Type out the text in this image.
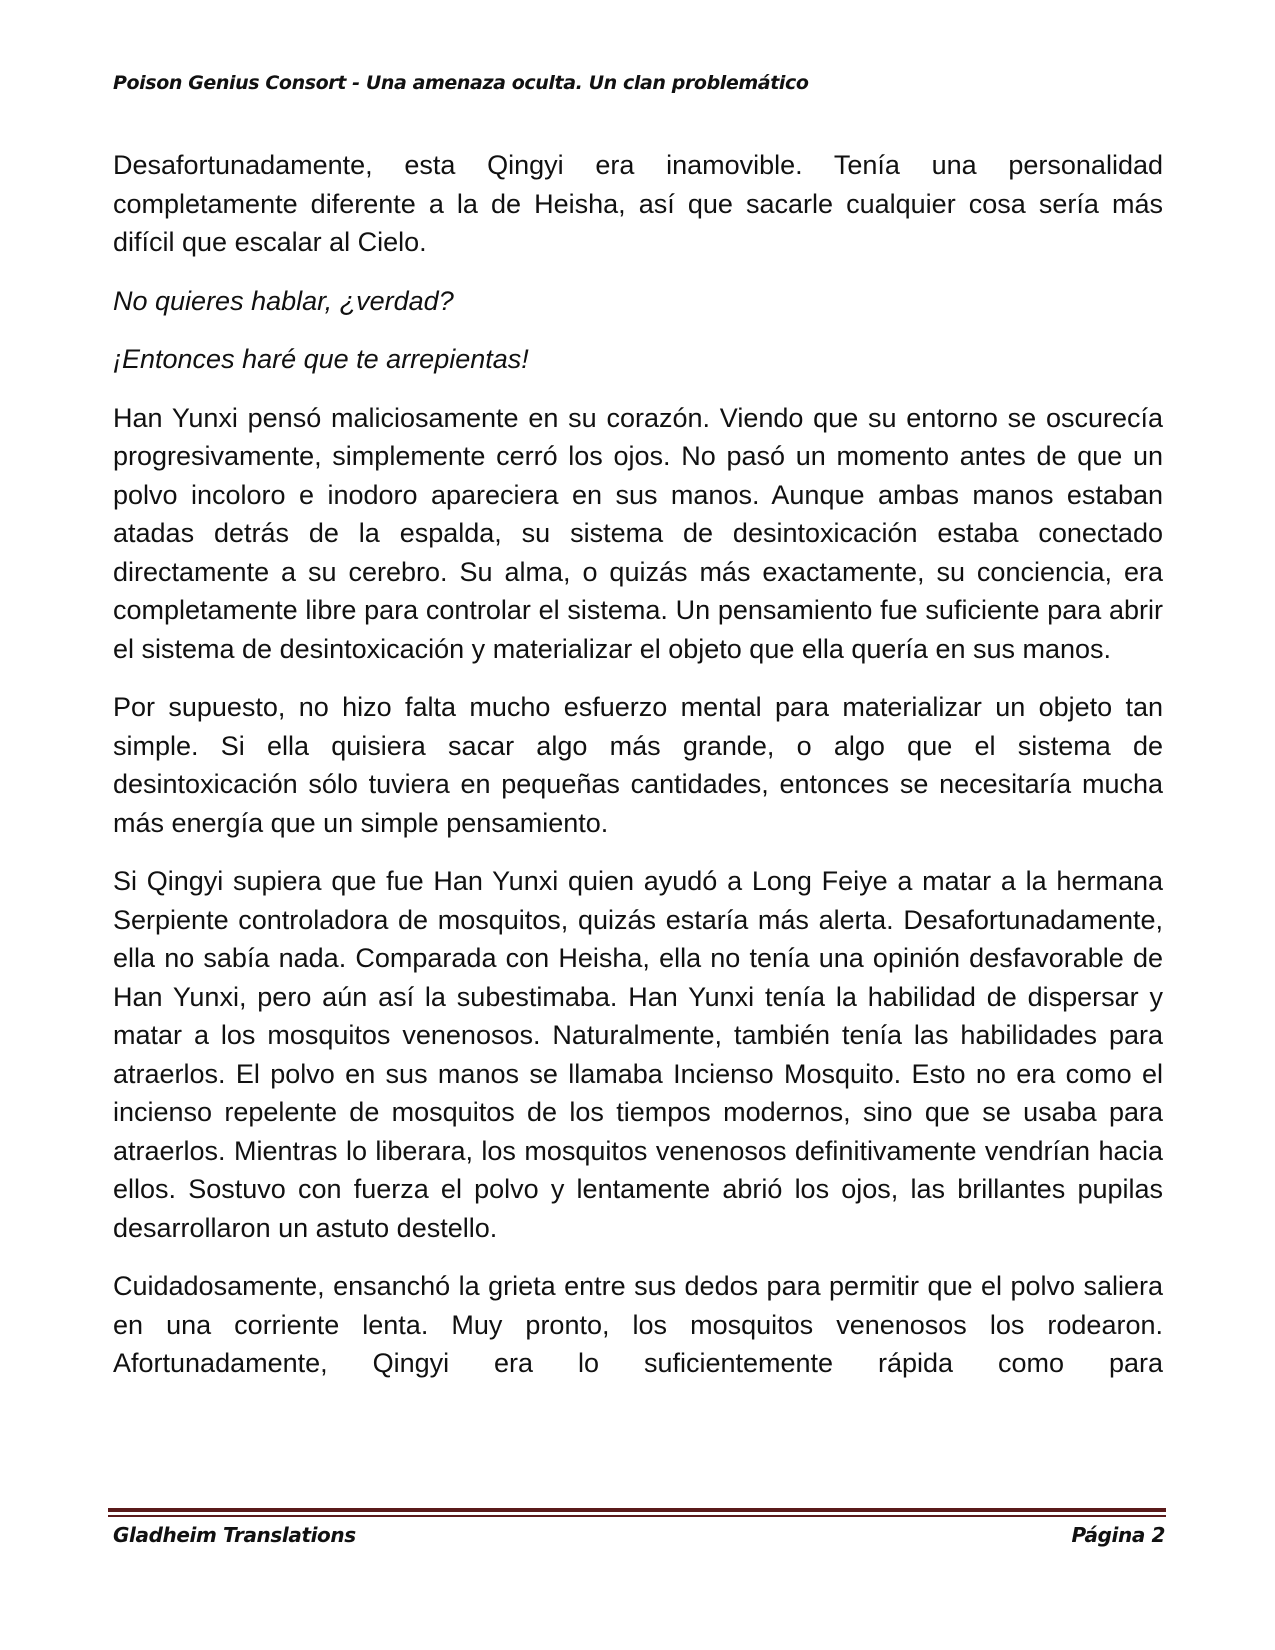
Poison Genius Consort - Una amenaza oculta. Un clan problemático

Desafortunadamente, esta Qingyi era inamovible. Tenía una personalidad completamente diferente a la de Heisha, así que sacarle cualquier cosa sería más difícil que escalar al Cielo.

No quieres hablar, ¿verdad?

¡Entonces haré que te arrepientas!

Han Yunxi pensó maliciosamente en su corazón. Viendo que su entorno se oscurecía progresivamente, simplemente cerró los ojos. No pasó un momento antes de que un polvo incoloro e inodoro apareciera en sus manos. Aunque ambas manos estaban atadas detrás de la espalda, su sistema de desintoxicación estaba conectado directamente a su cerebro. Su alma, o quizás más exactamente, su conciencia, era completamente libre para controlar el sistema. Un pensamiento fue suficiente para abrir el sistema de desintoxicación y materializar el objeto que ella quería en sus manos.

Por supuesto, no hizo falta mucho esfuerzo mental para materializar un objeto tan simple. Si ella quisiera sacar algo más grande, o algo que el sistema de desintoxicación sólo tuviera en pequeñas cantidades, entonces se necesitaría mucha más energía que un simple pensamiento.

Si Qingyi supiera que fue Han Yunxi quien ayudó a Long Feiye a matar a la hermana Serpiente controladora de mosquitos, quizás estaría más alerta. Desafortunadamente, ella no sabía nada. Comparada con Heisha, ella no tenía una opinión desfavorable de Han Yunxi, pero aún así la subestimaba. Han Yunxi tenía la habilidad de dispersar y matar a los mosquitos venenosos. Naturalmente, también tenía las habilidades para atraerlos. El polvo en sus manos se llamaba Incienso Mosquito. Esto no era como el incienso repelente de mosquitos de los tiempos modernos, sino que se usaba para atraerlos. Mientras lo liberara, los mosquitos venenosos definitivamente vendrían hacia ellos. Sostuvo con fuerza el polvo y lentamente abrió los ojos, las brillantes pupilas desarrollaron un astuto destello.

Cuidadosamente, ensanchó la grieta entre sus dedos para permitir que el polvo saliera en una corriente lenta. Muy pronto, los mosquitos venenosos los rodearon. Afortunadamente, Qingyi era lo suficientemente rápida como para

Gladheim Translations	Página 2
